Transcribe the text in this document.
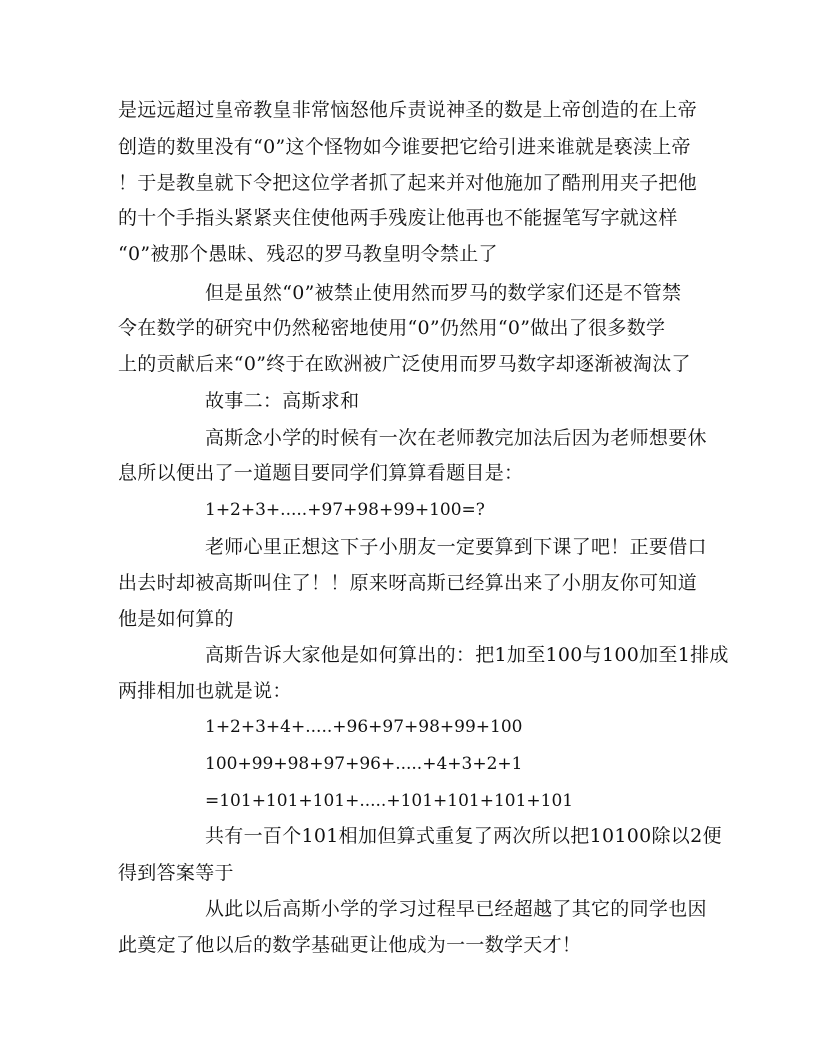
是远远超过皇帝教皇非常恼怒他斥责说神圣的数是上帝创造的在上帝
创造的数里没有“0”这个怪物如今谁要把它给引进来谁就是亵渎上帝
！于是教皇就下令把这位学者抓了起来并对他施加了酷刑用夹子把他
的十个手指头紧紧夹住使他两手残废让他再也不能握笔写字就这样
“0”被那个愚昧、残忍的罗马教皇明令禁止了
但是虽然“0”被禁止使用然而罗马的数学家们还是不管禁
令在数学的研究中仍然秘密地使用“0”仍然用“0”做出了很多数学
上的贡献后来“0”终于在欧洲被广泛使用而罗马数字却逐渐被淘汰了
故事二：高斯求和
高斯念小学的时候有一次在老师教完加法后因为老师想要休
息所以便出了一道题目要同学们算算看题目是：
1+2+3+.....+97+98+99+100=?
老师心里正想这下子小朋友一定要算到下课了吧！正要借口
出去时却被高斯叫住了！！原来呀高斯已经算出来了小朋友你可知道
他是如何算的
高斯告诉大家他是如何算出的：把1加至100与100加至1排成
两排相加也就是说：
1+2+3+4+.....+96+97+98+99+100
100+99+98+97+96+.....+4+3+2+1
=101+101+101+.....+101+101+101+101
共有一百个101相加但算式重复了两次所以把10100除以2便
得到答案等于
从此以后高斯小学的学习过程早已经超越了其它的同学也因
此奠定了他以后的数学基础更让他成为一一数学天才！
